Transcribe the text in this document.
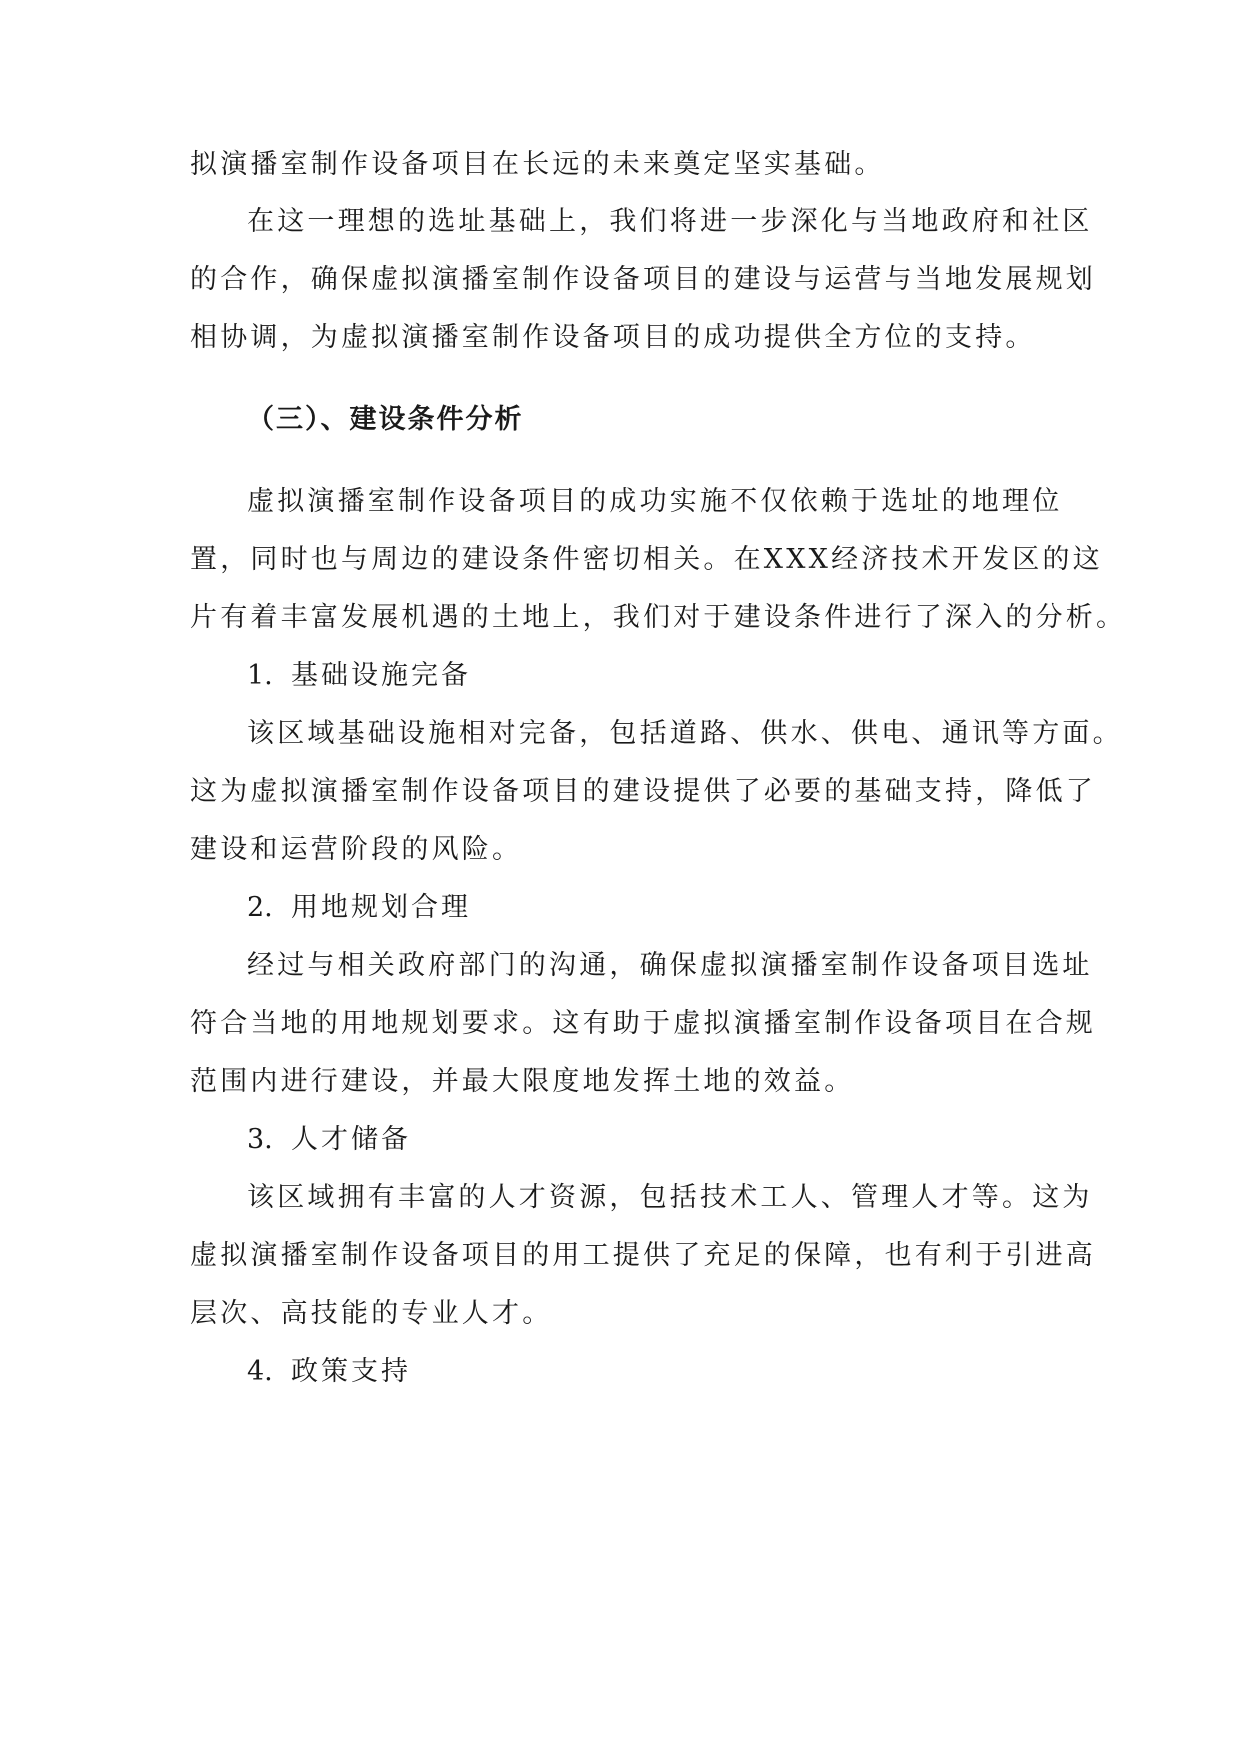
拟演播室制作设备项目在长远的未来奠定坚实基础。
在这一理想的选址基础上，我们将进一步深化与当地政府和社区
的合作，确保虚拟演播室制作设备项目的建设与运营与当地发展规划
相协调，为虚拟演播室制作设备项目的成功提供全方位的支持。
（三）、建设条件分析
虚拟演播室制作设备项目的成功实施不仅依赖于选址的地理位
置，同时也与周边的建设条件密切相关。在XXX经济技术开发区的这
片有着丰富发展机遇的土地上，我们对于建设条件进行了深入的分析。
1. 基础设施完备
该区域基础设施相对完备，包括道路、供水、供电、通讯等方面。
这为虚拟演播室制作设备项目的建设提供了必要的基础支持，降低了
建设和运营阶段的风险。
2. 用地规划合理
经过与相关政府部门的沟通，确保虚拟演播室制作设备项目选址
符合当地的用地规划要求。这有助于虚拟演播室制作设备项目在合规
范围内进行建设，并最大限度地发挥土地的效益。
3. 人才储备
该区域拥有丰富的人才资源，包括技术工人、管理人才等。这为
虚拟演播室制作设备项目的用工提供了充足的保障，也有利于引进高
层次、高技能的专业人才。
4. 政策支持
